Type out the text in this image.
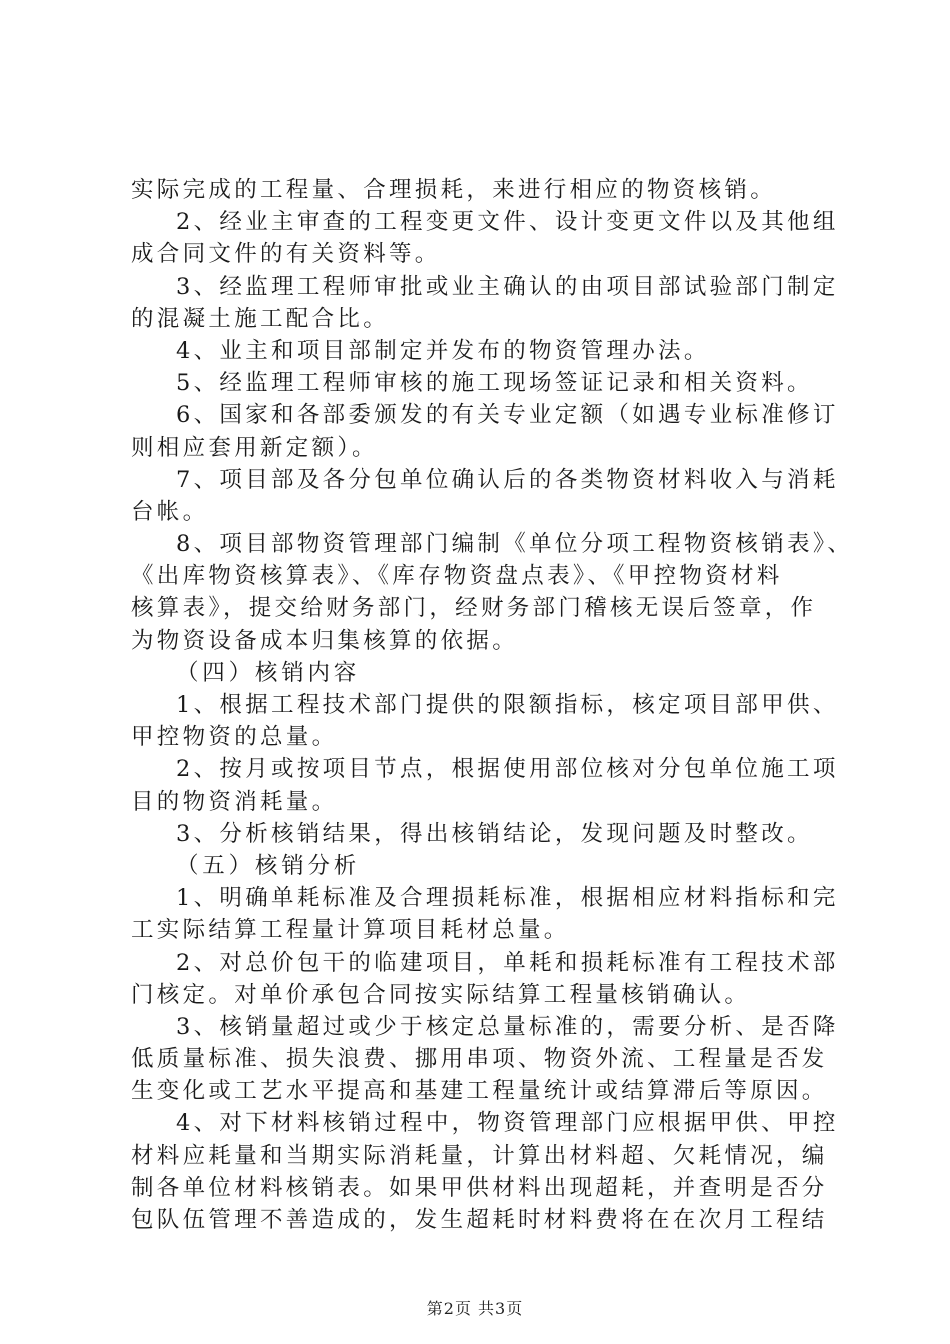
实际完成的工程量、合理损耗，来进行相应的物资核销。
2、经业主审查的工程变更文件、设计变更文件以及其他组
成合同文件的有关资料等。
3、经监理工程师审批或业主确认的由项目部试验部门制定
的混凝土施工配合比。
4、业主和项目部制定并发布的物资管理办法。
5、经监理工程师审核的施工现场签证记录和相关资料。
6、国家和各部委颁发的有关专业定额（如遇专业标准修订
则相应套用新定额）。
7、项目部及各分包单位确认后的各类物资材料收入与消耗
台帐。
8、项目部物资管理部门编制《单位分项工程物资核销表》、
《出库物资核算表》、《库存物资盘点表》、《甲控物资材料
核算表》，提交给财务部门，经财务部门稽核无误后签章，作
为物资设备成本归集核算的依据。
（四）核销内容
1、根据工程技术部门提供的限额指标，核定项目部甲供、
甲控物资的总量。
2、按月或按项目节点，根据使用部位核对分包单位施工项
目的物资消耗量。
3、分析核销结果，得出核销结论，发现问题及时整改。
（五）核销分析
1、明确单耗标准及合理损耗标准，根据相应材料指标和完
工实际结算工程量计算项目耗材总量。
2、对总价包干的临建项目，单耗和损耗标准有工程技术部
门核定。对单价承包合同按实际结算工程量核销确认。
3、核销量超过或少于核定总量标准的，需要分析、是否降
低质量标准、损失浪费、挪用串项、物资外流、工程量是否发
生变化或工艺水平提高和基建工程量统计或结算滞后等原因。
4、对下材料核销过程中，物资管理部门应根据甲供、甲控
材料应耗量和当期实际消耗量，计算出材料超、欠耗情况，编
制各单位材料核销表。如果甲供材料出现超耗，并查明是否分
包队伍管理不善造成的，发生超耗时材料费将在在次月工程结
第2页 共3页
